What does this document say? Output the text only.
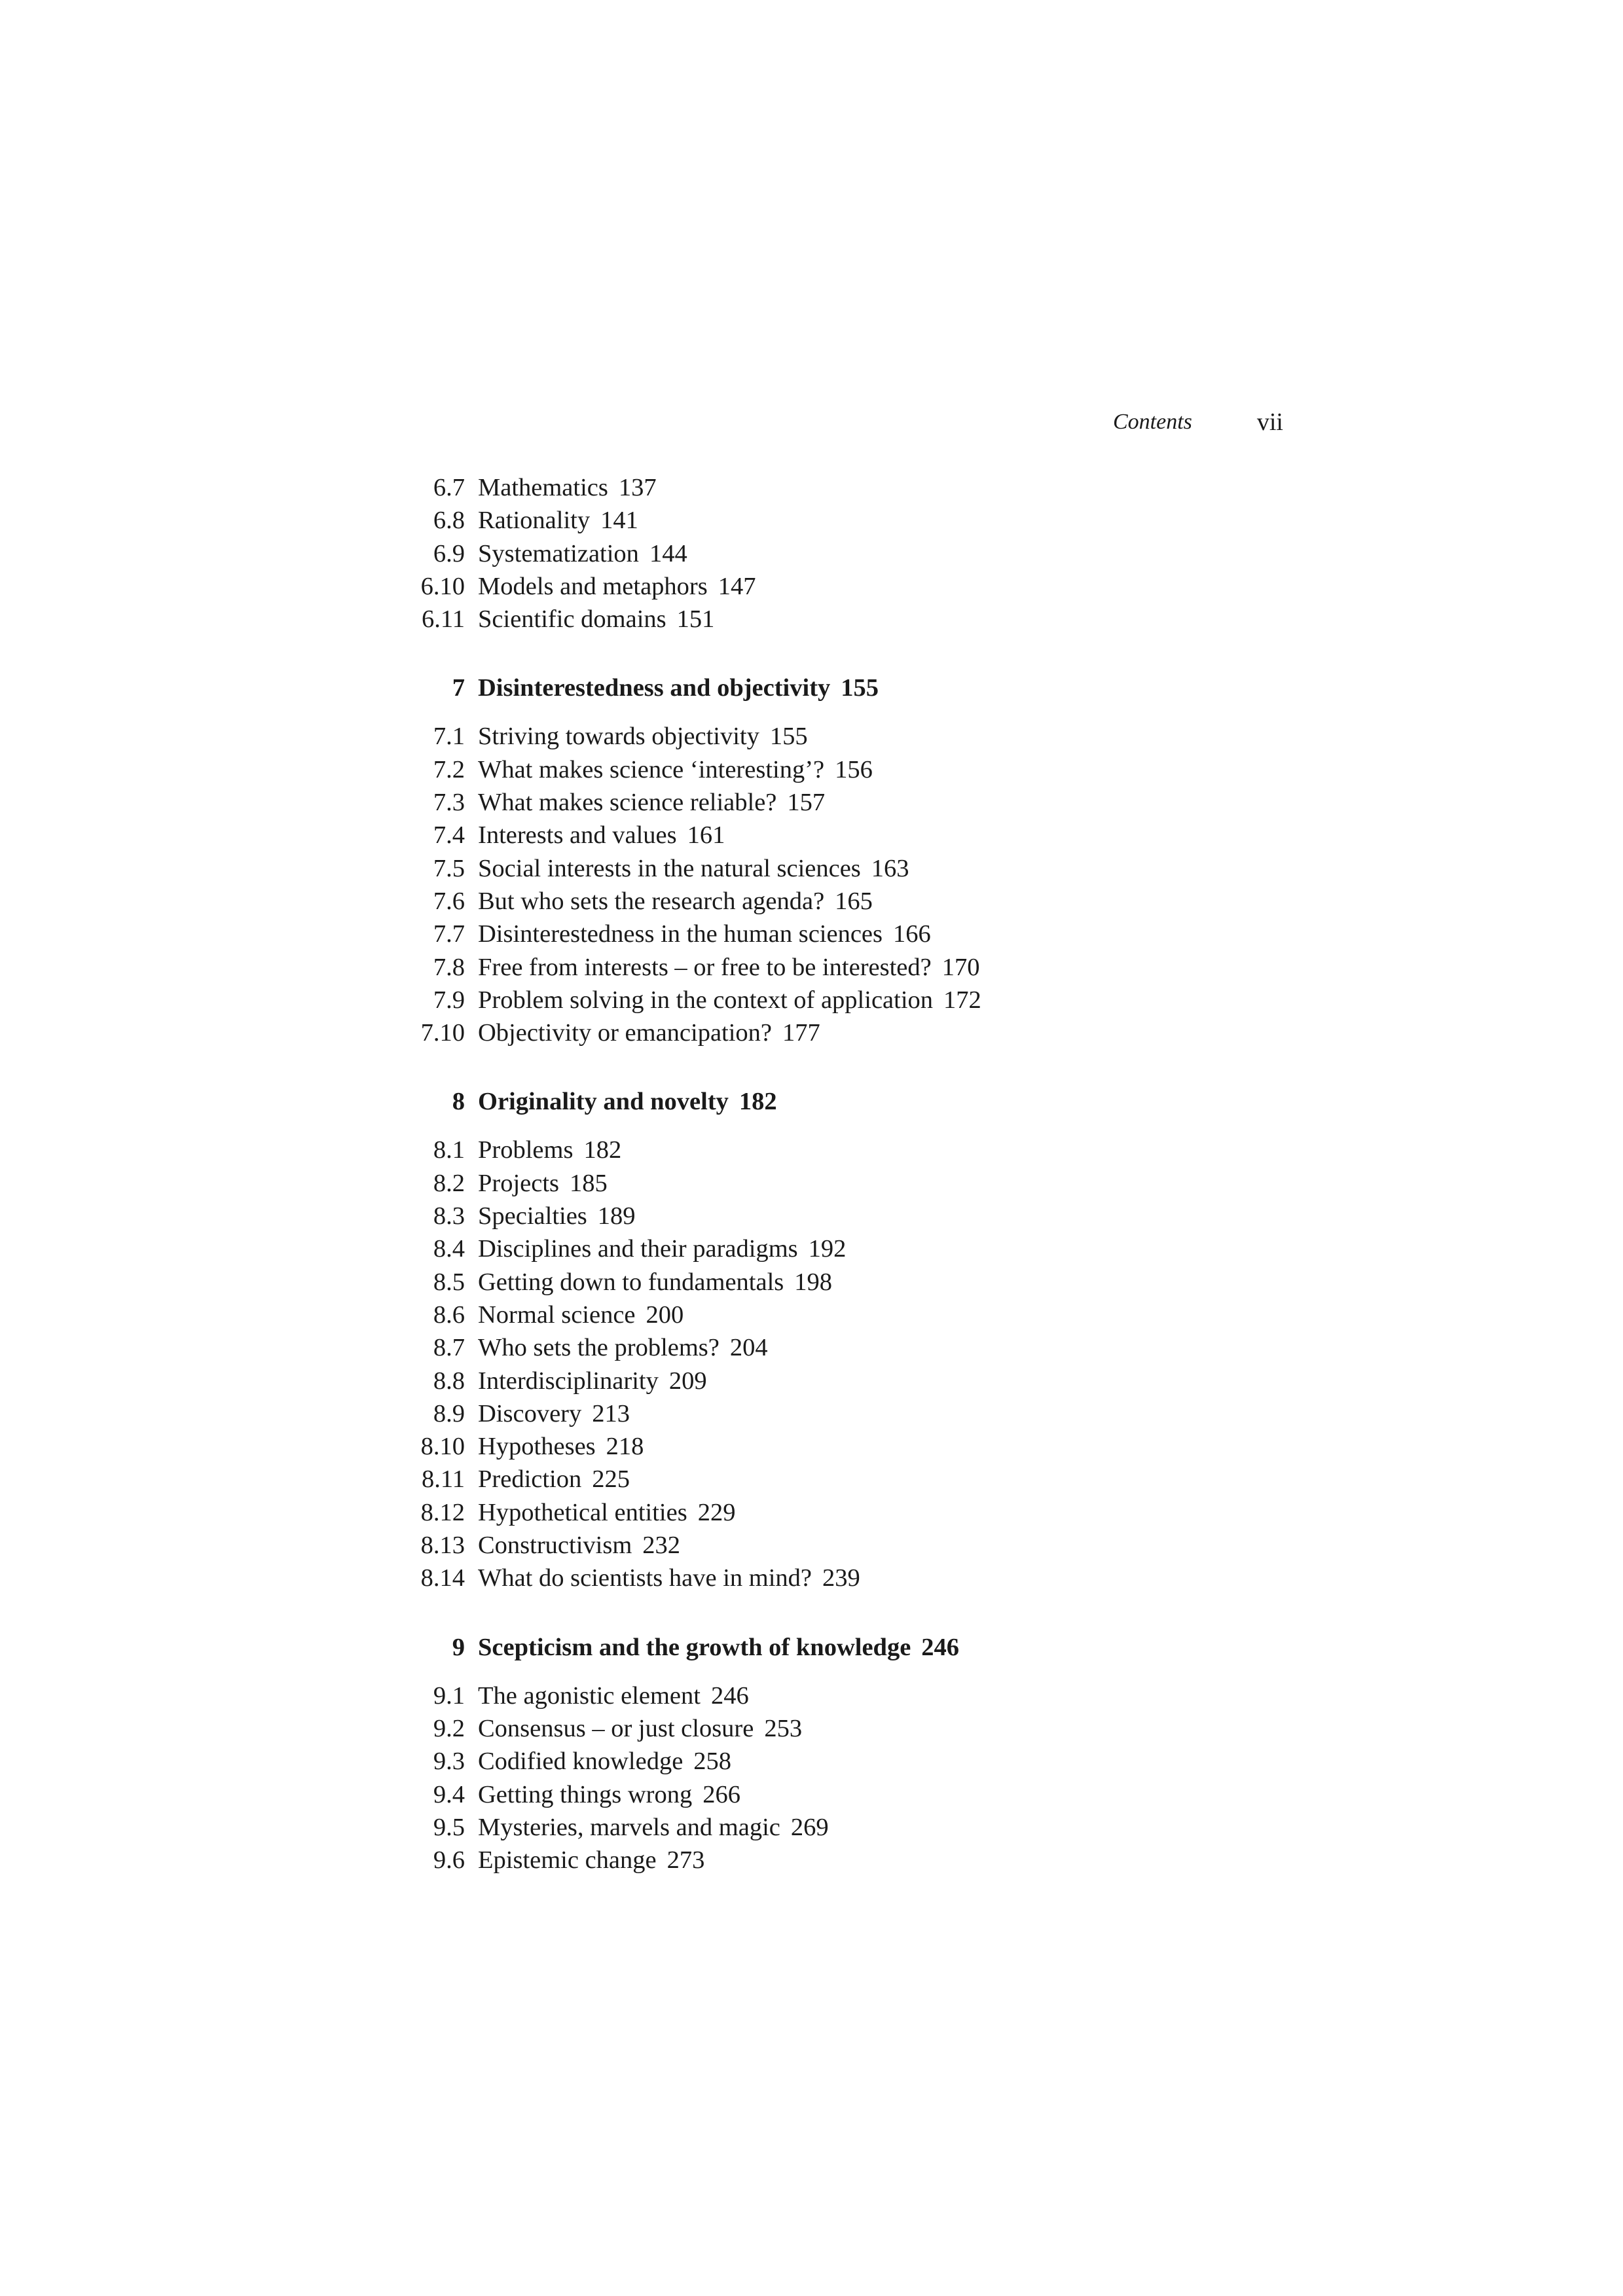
Contents	vii
6.7 Mathematics 137
6.8 Rationality 141
6.9 Systematization 144
6.10 Models and metaphors 147
6.11 Scientific domains 151
7 Disinterestedness and objectivity 155
7.1 Striving towards objectivity 155
7.2 What makes science ‘interesting’? 156
7.3 What makes science reliable? 157
7.4 Interests and values 161
7.5 Social interests in the natural sciences 163
7.6 But who sets the research agenda? 165
7.7 Disinterestedness in the human sciences 166
7.8 Free from interests – or free to be interested? 170
7.9 Problem solving in the context of application 172
7.10 Objectivity or emancipation? 177
8 Originality and novelty 182
8.1 Problems 182
8.2 Projects 185
8.3 Specialties 189
8.4 Disciplines and their paradigms 192
8.5 Getting down to fundamentals 198
8.6 Normal science 200
8.7 Who sets the problems? 204
8.8 Interdisciplinarity 209
8.9 Discovery 213
8.10 Hypotheses 218
8.11 Prediction 225
8.12 Hypothetical entities 229
8.13 Constructivism 232
8.14 What do scientists have in mind? 239
9 Scepticism and the growth of knowledge 246
9.1 The agonistic element 246
9.2 Consensus – or just closure 253
9.3 Codified knowledge 258
9.4 Getting things wrong 266
9.5 Mysteries, marvels and magic 269
9.6 Epistemic change 273
